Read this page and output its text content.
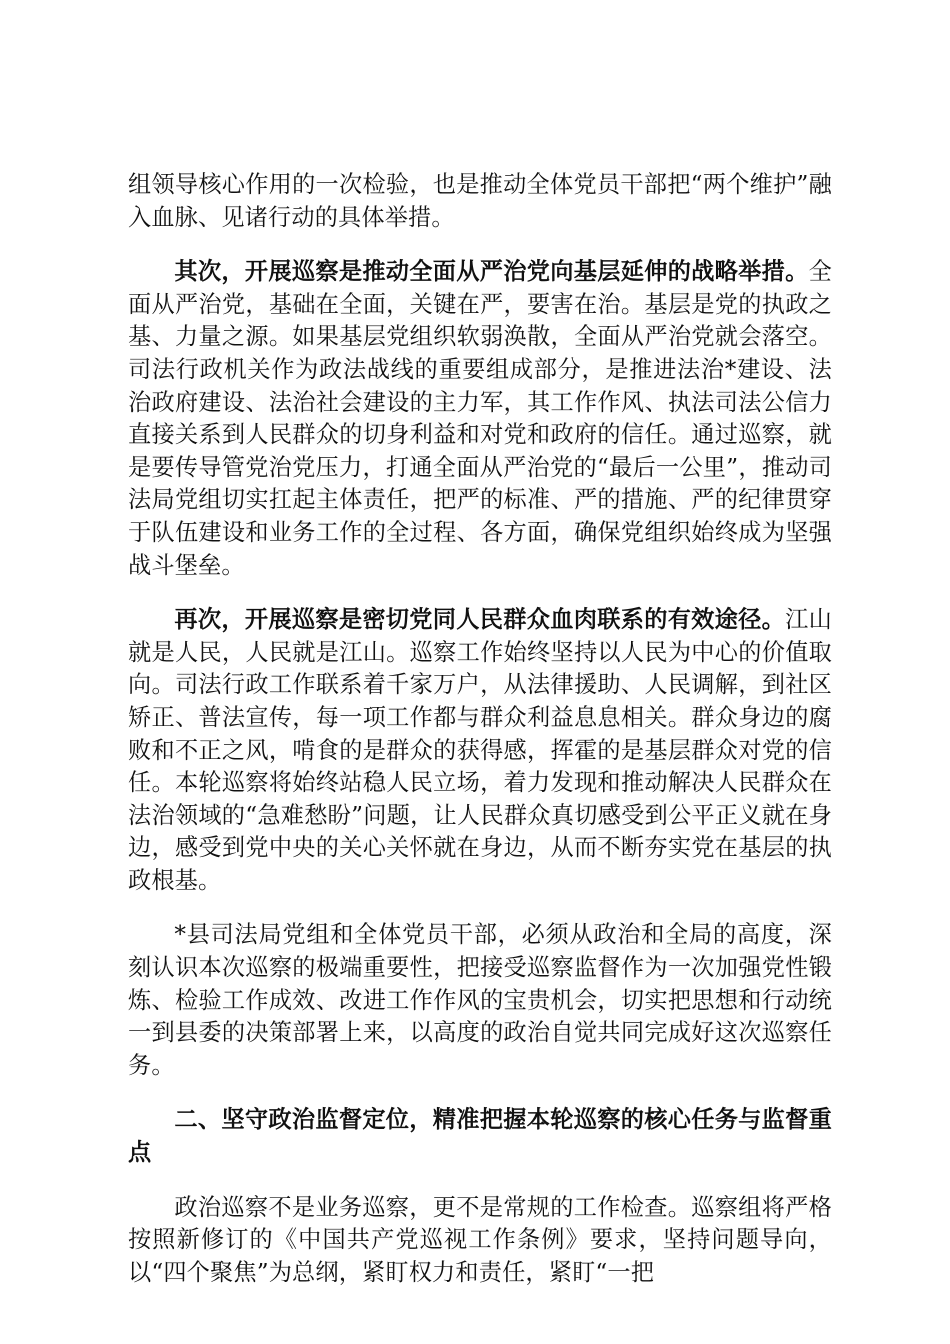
组领导核心作用的一次检验，也是推动全体党员干部把“两个维护”融入血脉、见诸行动的具体举措。

其次，开展巡察是推动全面从严治党向基层延伸的战略举措。全面从严治党，基础在全面，关键在严，要害在治。基层是党的执政之基、力量之源。如果基层党组织软弱涣散，全面从严治党就会落空。司法行政机关作为政法战线的重要组成部分，是推进法治*建设、法治政府建设、法治社会建设的主力军，其工作作风、执法司法公信力直接关系到人民群众的切身利益和对党和政府的信任。通过巡察，就是要传导管党治党压力，打通全面从严治党的“最后一公里”，推动司法局党组切实扛起主体责任，把严的标准、严的措施、严的纪律贯穿于队伍建设和业务工作的全过程、各方面，确保党组织始终成为坚强战斗堡垒。

再次，开展巡察是密切党同人民群众血肉联系的有效途径。江山就是人民，人民就是江山。巡察工作始终坚持以人民为中心的价值取向。司法行政工作联系着千家万户，从法律援助、人民调解，到社区矫正、普法宣传，每一项工作都与群众利益息息相关。群众身边的腐败和不正之风，啃食的是群众的获得感，挥霍的是基层群众对党的信任。本轮巡察将始终站稳人民立场，着力发现和推动解决人民群众在法治领域的“急难愁盼”问题，让人民群众真切感受到公平正义就在身边，感受到党中央的关心关怀就在身边，从而不断夯实党在基层的执政根基。

*县司法局党组和全体党员干部，必须从政治和全局的高度，深刻认识本次巡察的极端重要性，把接受巡察监督作为一次加强党性锻炼、检验工作成效、改进工作作风的宝贵机会，切实把思想和行动统一到县委的决策部署上来，以高度的政治自觉共同完成好这次巡察任务。

二、坚守政治监督定位，精准把握本轮巡察的核心任务与监督重点

政治巡察不是业务巡察，更不是常规的工作检查。巡察组将严格按照新修订的《中国共产党巡视工作条例》要求，坚持问题导向，以“四个聚焦”为总纲，紧盯权力和责任，紧盯“一把
